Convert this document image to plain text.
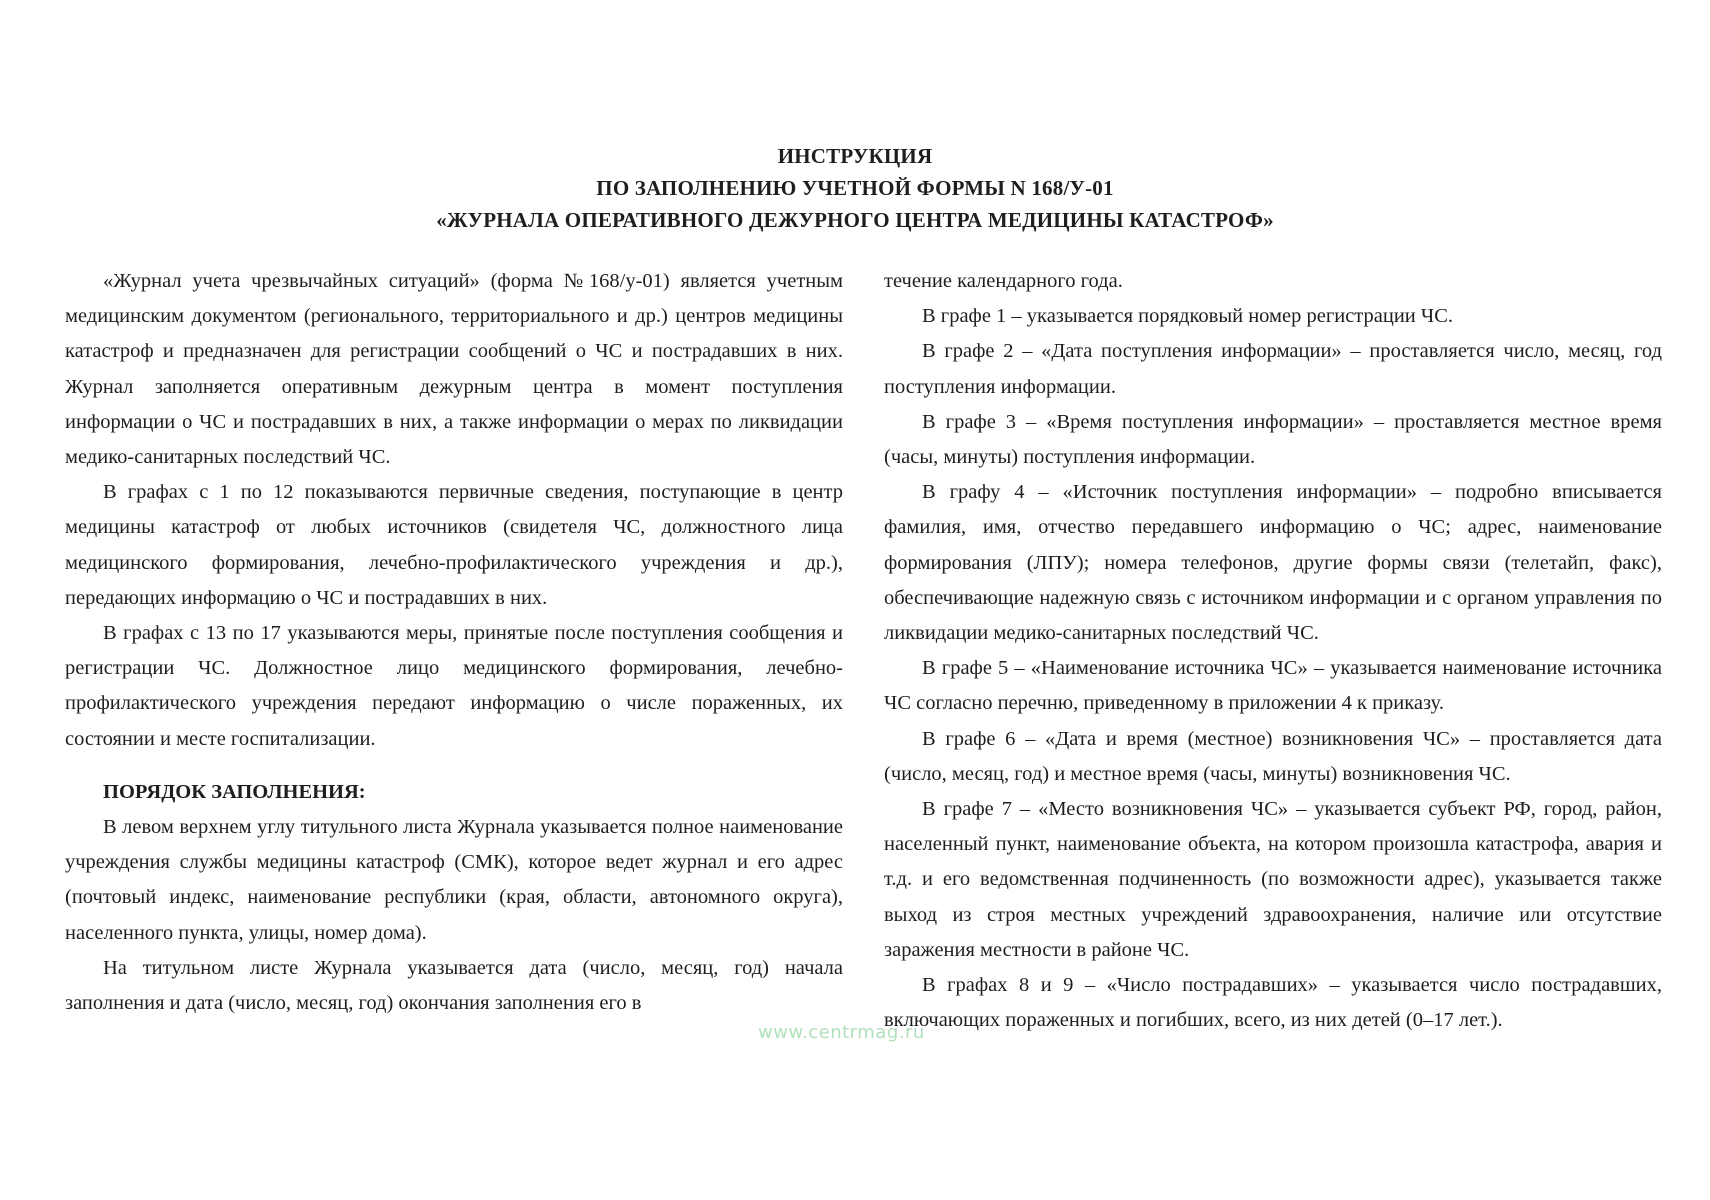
ИНСТРУКЦИЯ
ПО ЗАПОЛНЕНИЮ УЧЕТНОЙ ФОРМЫ N 168/У-01
«ЖУРНАЛА ОПЕРАТИВНОГО ДЕЖУРНОГО ЦЕНТРА МЕДИЦИНЫ КАТАСТРОФ»

«Журнал учета чрезвычайных ситуаций» (форма №168/у-01) является учетным медицинским документом (регионального, территориального и др.) центров медицины катастроф и предназначен для регистрации сообщений о ЧС и пострадавших в них. Журнал заполняется оперативным дежурным центра в момент поступления информации о ЧС и пострадавших в них, а также информации о мерах по ликвидации медико-санитарных последствий ЧС.

В графах с 1 по 12 показываются первичные сведения, поступающие в центр медицины катастроф от любых источников (свидетеля ЧС, должностного лица медицинского формирования, лечебно-профилактического учреждения и др.), передающих информацию о ЧС и пострадавших в них.

В графах с 13 по 17 указываются меры, принятые после поступления сообщения и регистрации ЧС. Должностное лицо медицинского формирования, лечебно-профилактического учреждения передают информацию о числе пораженных, их состоянии и месте госпитализации.

ПОРЯДОК ЗАПОЛНЕНИЯ:

В левом верхнем углу титульного листа Журнала указывается полное наименование учреждения службы медицины катастроф (СМК), которое ведет журнал и его адрес (почтовый индекс, наименование республики (края, области, автономного округа), населенного пункта, улицы, номер дома).

На титульном листе Журнала указывается дата (число, месяц, год) начала заполнения и дата (число, месяц, год) окончания заполнения его в

течение календарного года.

В графе 1 – указывается порядковый номер регистрации ЧС.

В графе 2 – «Дата поступления информации» – проставляется число, месяц, год поступления информации.

В графе 3 – «Время поступления информации» – проставляется местное время (часы, минуты) поступления информации.

В графу 4 – «Источник поступления информации» – подробно вписывается фамилия, имя, отчество передавшего информацию о ЧС; адрес, наименование формирования (ЛПУ); номера телефонов, другие формы связи (телетайп, факс), обеспечивающие надежную связь с источником информации и с органом управления по ликвидации медико-санитарных последствий ЧС.

В графе 5 – «Наименование источника ЧС» – указывается наименование источника ЧС согласно перечню, приведенному в приложении 4 к приказу.

В графе 6 – «Дата и время (местное) возникновения ЧС» – проставляется дата (число, месяц, год) и местное время (часы, минуты) возникновения ЧС.

В графе 7 – «Место возникновения ЧС» – указывается субъект РФ, город, район, населенный пункт, наименование объекта, на котором произошла катастрофа, авария и т.д. и его ведомственная подчиненность (по возможности адрес), указывается также выход из строя местных учреждений здравоохранения, наличие или отсутствие заражения местности в районе ЧС.

В графах 8 и 9 – «Число пострадавших» – указывается число пострадавших, включающих пораженных и погибших, всего, из них детей (0–17 лет.).

www.centrmag.ru
